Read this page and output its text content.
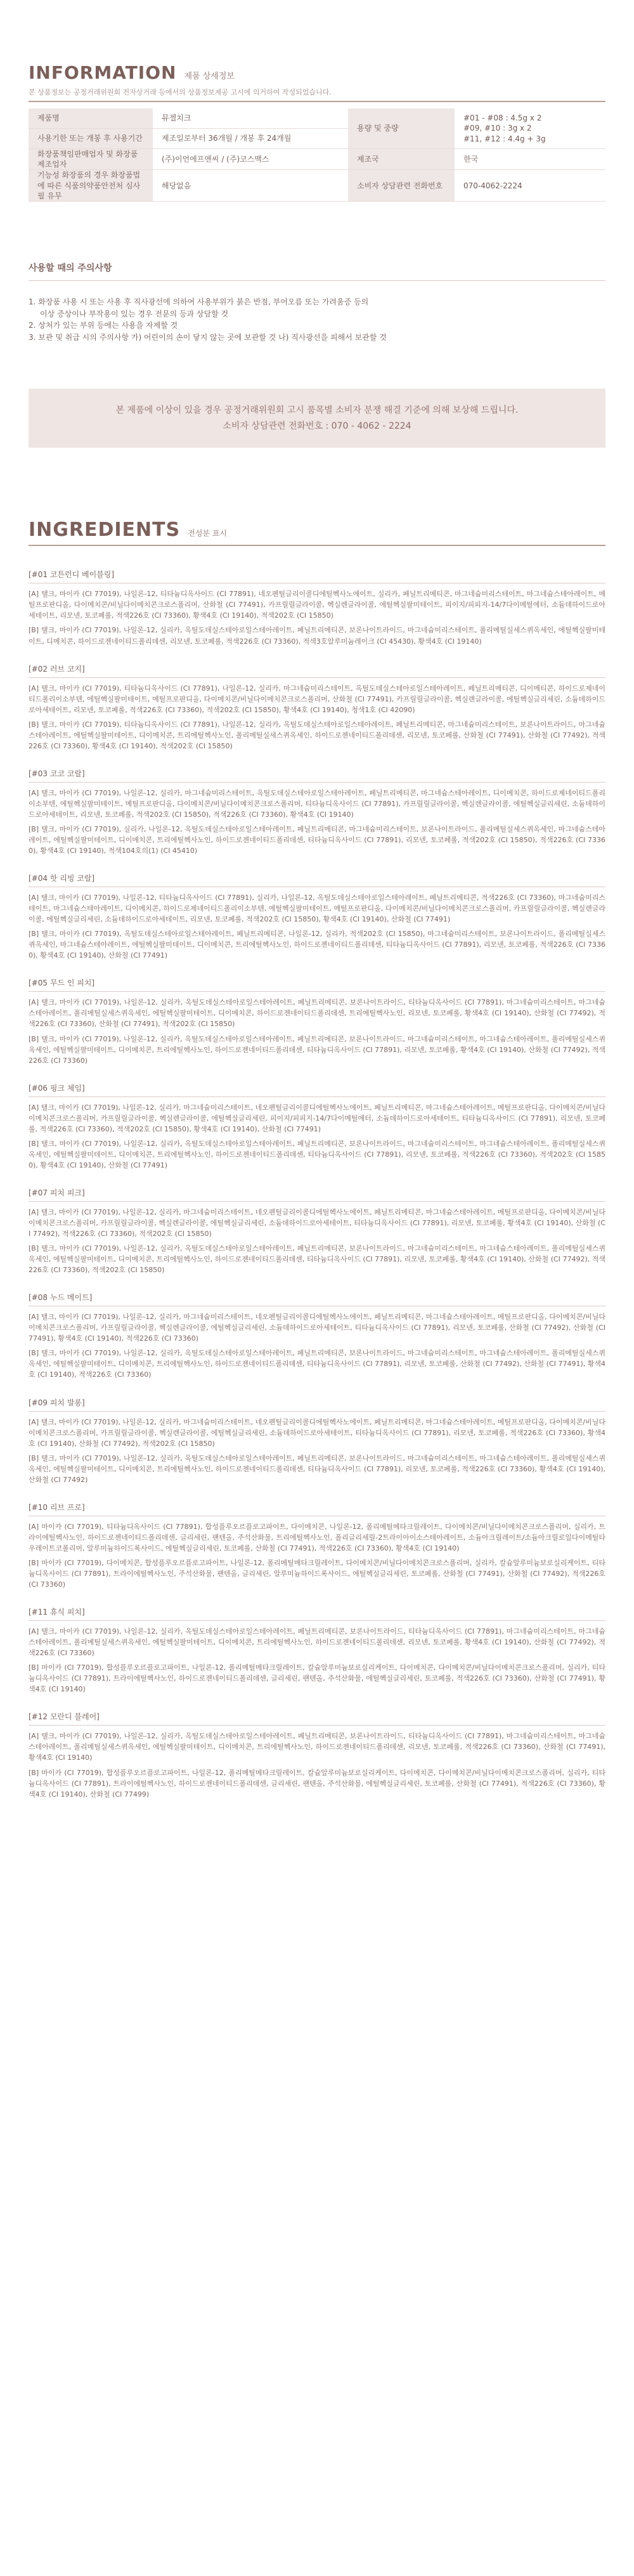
INFORMATION 제품 상세정보
본 상품정보는 공정거래위원회 전자상거래 등에서의 상품정보제공 고시에 의거하여 작성되었습니다.
제품명	뮤젤치크	용량 및 중량	#01 - #08 : 4.5g x 2
#09, #10 : 3g x 2
#11, #12 : 4.4g + 3g
사용기한 또는 개봉 후 사용기간	제조일로부터 36개월 / 개봉 후 24개월		
화장품책임판매업자 및 화장품제조업자	(주)이언에프앤씨 / (주)코스맥스	제조국	한국
기능성 화장품의 경우 화장품법에 따른 식품의약품안전처 심사 필 유무	해당없음	소비자 상담관련 전화번호	070-4062-2224
사용할 때의 주의사항
1. 화장품 사용 시 또는 사용 후 직사광선에 의하여 사용부위가 붉은 반점, 부어오름 또는 가려움증 등의
이상 증상이나 부작용이 있는 경우 전문의 등과 상담할 것
2. 상처가 있는 부위 등에는 사용을 자제할 것
3. 보관 및 취급 시의 주의사항 가) 어린이의 손이 닿지 않는 곳에 보관할 것 나) 직사광선을 피해서 보관할 것
본 제품에 이상이 있을 경우 공정거래위원회 고시 품목별 소비자 분쟁 해결 기준에 의해 보상해 드립니다.
소비자 상담관련 전화번호 : 070 - 4062 - 2224
INGREDIENTS 전성분 표시
[#01 코튼런디 베이블링]

[A] 탤크, 마이카 (CI 77019), 나일론-12, 티타늄디옥사이드 (CI 77891), 네오펜틸글리이콜디에틸헥사노에이트, 실리카, 페닐트리메티콘, 마그네슘미리스테이트, 마그네슘스테아레이트, 메틸프로판디올, 다이메치콘/비닐다이메치콘크로스폴리머, 산화철 (CI 77491), 카프릴릴글라이콜, 헥실렌글라이콜, 에틸헥실팔미테이트, 피이지/피피지-14/7다이메틸에터, 소듐데하이드로아세테이트, 리모넨, 토코페롤, 적색226호 (CI 73360), 황색4호 (CI 19140), 적색202호 (CI 15850)

[B] 탤크, 마이카 (CI 77019), 나일론-12, 실리카, 옥틸도데실스테아로일스테아레이트, 페닐트리메티콘, 보론나이트라이드, 마그네슘미리스테이트, 폴리메틸실세스퀴옥세인, 에틸헥실팔미테이트, 디메치콘, 하이드로젠네이티드폴리데센, 리모넨, 토코페롤, 적색226호 (CI 73360), 적색3호알루미늄레이크 (CI 45430), 황색4호 (CI 19140)

[#02 러브 코지]

[A] 탤크, 마이카 (CI 77019), 티타늄디옥사이드 (CI 77891), 나일론-12, 실리카, 마그네슘미리스테이트, 옥틸도데실스테아로일스테아레이트, 페닐트리메티콘, 디이메티콘, 하이드로제네이티드폴리이소부텐, 에틸헥실팔미테이트, 메틸프로판디올, 다이메치콘/비닐다이메치콘크로스폴리머, 산화철 (CI 77491), 카프릴릴글라이콜, 헥실렌글라이콜, 에틸헥실글리세린, 소듐데하이드로아세테이트, 리모넨, 토코페롤, 적색226호 (CI 73360), 적색202호 (CI 15850), 황색4호 (CI 19140), 청색1호 (CI 42090)

[B] 탤크, 마이카 (CI 77019), 티타늄디옥사이드 (CI 77891), 나일론-12, 실리카, 옥틸도데실스테아로일스테아레이트, 페닐트리메티콘, 마그네슘미리스테이트, 보론나이트라이드, 마그네슘스테아레이트, 에틸헥실팔미테이트, 디이메치콘, 트리에틸헥사노인, 폴리메틸실세스퀴옥세인, 하이드로젠네이티드폴리데센, 리모넨, 토코페롤, 산화철 (CI 77491), 산화철 (CI 77492), 적색226호 (CI 73360), 황색4호 (CI 19140), 적색202호 (CI 15850)

[#03 코코 코랄]

[A] 탤크, 마이카 (CI 77019), 나일론-12, 실리카, 마그네슘미리스테이트, 옥틸도데실스테아로일스테아레이트, 페닐트리메티콘, 마그네슘스테아레이트, 디이메치콘, 하이드로제네이티드폴리이소부텐, 에틸헥실팔미테이트, 메틸프로판디올, 다이메치콘/비닐다이메치콘크로스폴리머, 티타늄디옥사이드 (CI 77891), 카프릴릴글라이콜, 헥실렌글라이콜, 에틸헥실글리세린, 소듐데하이드로아세테이트, 리모넨, 토코페롤, 적색202호 (CI 15850), 적색226호 (CI 73360), 황색4호 (CI 19140)

[B] 탤크, 마이카 (CI 77019), 실리카, 나일론-12, 옥틸도데실스테아로일스테아레이트, 페닐트리메티콘, 마그네슘미리스테이트, 보론나이트라이드, 폴리메틸실세스퀴옥세인, 마그네슘스테아레이트, 에틸헥실팔미테이트, 디이메치콘, 트리에틸헥사노인, 하이드로젠네이티드폴리데센, 티타늄디옥사이드 (CI 77891), 리모넨, 토코페롤, 적색202호 (CI 15850), 적색226호 (CI 73360), 황색4호 (CI 19140), 적색104호의(1) (CI 45410)

[#04 핫 리빙 코랄]

[A] 탤크, 마이카 (CI 77019), 나일론-12, 티타늄디옥사이드 (CI 77891), 실리카, 나일론-12, 옥틸도데실스테아로일스테아레이트, 페닐트리메티콘, 적색226호 (CI 73360), 마그네슘미리스테이트, 마그네슘스테아레이트, 디이메치콘, 하이드로제네이티드폴리이소부텐, 에틸헥실팔미테이트, 메틸프로판디올, 다이메치콘/비닐다이메치콘크로스폴리머, 카프릴릴글라이콜, 헥실렌글라이콜, 에틸헥실글리세린, 소듐데하이드로아세테이트, 리모넨, 토코페롤, 적색202호 (CI 15850), 황색4호 (CI 19140), 산화철 (CI 77491)

[B] 탤크, 마이카 (CI 77019), 옥틸도데실스테아로일스테아레이트, 페닐트리메티콘, 나일론-12, 실리카, 적색202호 (CI 15850), 마그네슘미리스테이트, 보론나이트라이드, 폴리메틸실세스퀴옥세인, 마그네슘스테아레이트, 에틸헥실팔미테이트, 디이메치콘, 트리에틸헥사노인, 하이드로젠네이티드폴리데센, 티타늄디옥사이드 (CI 77891), 리모넨, 토코페롤, 적색226호 (CI 73360), 황색4호 (CI 19140), 산화철 (CI 77491)

[#05 무드 인 피치]

[A] 탤크, 마이카 (CI 77019), 나일론-12, 실리카, 옥틸도데실스테아로일스테아레이트, 페닐트리메티콘, 보론나이트라이드, 티타늄디옥사이드 (CI 77891), 마그네슘미리스테이트, 마그네슘스테아레이트, 폴리메틸실세스퀴옥세인, 에틸헥실팔미테이트, 디이메치콘, 하이드로젠네이티드폴리데센, 트리에틸헥사노인, 리모넨, 토코페롤, 황색4호 (CI 19140), 산화철 (CI 77492), 적색226호 (CI 73360), 산화철 (CI 77491), 적색202호 (CI 15850)

[B] 탤크, 마이카 (CI 77019), 나일론-12, 실리카, 옥틸도데실스테아로일스테아레이트, 페닐트리메티콘, 보론나이트라이드, 마그네슘미리스테이트, 마그네슘스테아레이트, 폴리메틸실세스퀴옥세인, 에틸헥실팔미테이트, 디이메치콘, 트리에틸헥사노인, 하이드로젠네이티드폴리데센, 티타늄디옥사이드 (CI 77891), 리모넨, 토코페롤, 황색4호 (CI 19140), 산화철 (CI 77492), 적색226호 (CI 73360)

[#06 핑크 체임]

[A] 탤크, 마이카 (CI 77019), 나일론-12, 실리카, 마그네슘미리스테이트, 네오펜틸글리이콜디에틸헥사노에이트, 페닐트리메티콘, 마그네슘스테아레이트, 메틸프로판디올, 다이메치콘/비닐다이메치콘크로스폴리머, 카프릴릴글라이콜, 헥실렌글라이콜, 에틸헥실글리세린, 피이지/피피지-14/7다이메틸에터, 소듐데하이드로아세테이트, 티타늄디옥사이드 (CI 77891), 리모넨, 토코페롤, 적색226호 (CI 73360), 적색202호 (CI 15850), 황색4호 (CI 19140), 산화철 (CI 77491)

[B] 탤크, 마이카 (CI 77019), 나일론-12, 실리카, 옥틸도데실스테아로일스테아레이트, 페닐트리메티콘, 보론나이트라이드, 마그네슘미리스테이트, 마그네슘스테아레이트, 폴리메틸실세스퀴옥세인, 에틸헥실팔미테이트, 디이메치콘, 트리에틸헥사노인, 하이드로젠네이티드폴리데센, 티타늄디옥사이드 (CI 77891), 리모넨, 토코페롤, 적색226호 (CI 73360), 적색202호 (CI 15850), 황색4호 (CI 19140), 산화철 (CI 77491)

[#07 피치 피크]

[A] 탤크, 마이카 (CI 77019), 나일론-12, 실리카, 마그네슘미리스테이트, 네오펜틸글리이콜디에틸헥사노에이트, 페닐트리메티콘, 마그네슘스테아레이트, 메틸프로판디올, 다이메치콘/비닐다이메치콘크로스폴리머, 카프릴릴글라이콜, 헥실렌글라이콜, 에틸헥실글리세린, 소듐데하이드로아세테이트, 티타늄디옥사이드 (CI 77891), 리모넨, 토코페롤, 황색4호 (CI 19140), 산화철 (CI 77492), 적색226호 (CI 73360), 적색202호 (CI 15850)

[B] 탤크, 마이카 (CI 77019), 나일론-12, 실리카, 옥틸도데실스테아로일스테아레이트, 페닐트리메티콘, 보론나이트라이드, 마그네슘미리스테이트, 마그네슘스테아레이트, 폴리메틸실세스퀴옥세인, 에틸헥실팔미테이트, 디이메치콘, 트리에틸헥사노인, 하이드로젠네이티드폴리데센, 티타늄디옥사이드 (CI 77891), 리모넨, 토코페롤, 황색4호 (CI 19140), 산화철 (CI 77492), 적색226호 (CI 73360), 적색202호 (CI 15850)

[#08 누드 메이트]

[A] 탤크, 마이카 (CI 77019), 나일론-12, 실리카, 마그네슘미리스테이트, 네오펜틸글리이콜디에틸헥사노에이트, 페닐트리메티콘, 마그네슘스테아레이트, 메틸프로판디올, 다이메치콘/비닐다이메치콘크로스폴리머, 카프릴릴글라이콜, 헥실렌글라이콜, 에틸헥실글리세린, 소듐데하이드로아세테이트, 티타늄디옥사이드 (CI 77891), 리모넨, 토코페롤, 산화철 (CI 77492), 산화철 (CI 77491), 황색4호 (CI 19140), 적색226호 (CI 73360)

[B] 탤크, 마이카 (CI 77019), 나일론-12, 실리카, 옥틸도데실스테아로일스테아레이트, 페닐트리메티콘, 보론나이트라이드, 마그네슘미리스테이트, 마그네슘스테아레이트, 폴리메틸실세스퀴옥세인, 에틸헥실팔미테이트, 디이메치콘, 트리에틸헥사노인, 하이드로젠네이티드폴리데센, 티타늄디옥사이드 (CI 77891), 리모넨, 토코페롤, 산화철 (CI 77492), 산화철 (CI 77491), 황색4호 (CI 19140), 적색226호 (CI 73360)

[#09 피치 발롱]

[A] 탤크, 마이카 (CI 77019), 나일론-12, 실리카, 마그네슘미리스테이트, 네오펜틸글리이콜디에틸헥사노에이트, 페닐트리메티콘, 마그네슘스테아레이트, 메틸프로판디올, 다이메치콘/비닐다이메치콘크로스폴리머, 카프릴릴글라이콜, 헥실렌글라이콜, 에틸헥실글리세린, 소듐데하이드로아세테이트, 티타늄디옥사이드 (CI 77891), 리모넨, 토코페롤, 적색226호 (CI 73360), 황색4호 (CI 19140), 산화철 (CI 77492), 적색202호 (CI 15850)

[B] 탤크, 마이카 (CI 77019), 나일론-12, 실리카, 옥틸도데실스테아로일스테아레이트, 페닐트리메티콘, 보론나이트라이드, 마그네슘미리스테이트, 마그네슘스테아레이트, 폴리메틸실세스퀴옥세인, 에틸헥실팔미테이트, 디이메치콘, 트리에틸헥사노인, 하이드로젠네이티드폴리데센, 티타늄디옥사이드 (CI 77891), 리모넨, 토코페롤, 적색226호 (CI 73360), 황색4호 (CI 19140), 산화철 (CI 77492)

[#10 리브 프로]

[A] 마이카 (CI 77019), 티타늄디옥사이드 (CI 77891), 합성플루오르플로고파이트, 다이메치콘, 나일론-12, 폴리메틸메타크릴레이트, 다이메치콘/비닐다이메치콘크로스폴리머, 실리카, 트라이에틸헥사노인, 하이드로젠네이티드폴리데센, 글리세린, 팬텐올, 주석산화물, 트리에틸헥사노인, 폴리글리세릴-2트라이아이소스테아레이트, 소듐아크릴레이트/소듐아크릴로일다이메틸타우레이트코폴리머, 알루미늄하이드록사이드, 에틸헥실글리세린, 토코페롤, 산화철 (CI 77491), 적색226호 (CI 73360), 황색4호 (CI 19140)

[B] 마이카 (CI 77019), 다이메치콘, 합성플루오르플로고파이트, 나일론-12, 폴리메틸메타크릴레이트, 다이메치콘/비닐다이메치콘크로스폴리머, 실리카, 칼슘알루미늄보로실리케이트, 티타늄디옥사이드 (CI 77891), 트라이에틸헥사노인, 주석산화물, 팬텐올, 글리세린, 알루미늄하이드록사이드, 에틸헥실글리세린, 토코페롤, 산화철 (CI 77491), 산화철 (CI 77492), 적색226호 (CI 73360)

[#11 휴식 피치]

[A] 탤크, 마이카 (CI 77019), 나일론-12, 실리카, 옥틸도데실스테아로일스테아레이트, 페닐트리메티콘, 보론나이트라이드, 티타늄디옥사이드 (CI 77891), 마그네슘미리스테이트, 마그네슘스테아레이트, 폴리메틸실세스퀴옥세인, 에틸헥실팔미테이트, 디이메치콘, 트리에틸헥사노인, 하이드로젠네이티드폴리데센, 리모넨, 토코페롤, 황색4호 (CI 19140), 산화철 (CI 77492), 적색226호 (CI 73360)

[B] 마이카 (CI 77019), 합성플루오르플로고파이트, 나일론-12, 폴리메틸메타크릴레이트, 칼슘알루미늄보로실리케이트, 다이메치콘, 다이메치콘/비닐다이메치콘크로스폴리머, 실리카, 티타늄디옥사이드 (CI 77891), 트라이에틸헥사노인, 하이드로젠네이티드폴리데센, 글리세린, 팬텐올, 주석산화물, 에틸헥실글리세린, 토코페롤, 적색226호 (CI 73360), 산화철 (CI 77491), 황색4호 (CI 19140)

[#12 모란디 블레어]

[A] 탤크, 마이카 (CI 77019), 나일론-12, 실리카, 옥틸도데실스테아로일스테아레이트, 페닐트리메티콘, 보론나이트라이드, 티타늄디옥사이드 (CI 77891), 마그네슘미리스테이트, 마그네슘스테아레이트, 폴리메틸실세스퀴옥세인, 에틸헥실팔미테이트, 디이메치콘, 트리에틸헥사노인, 하이드로젠네이티드폴리데센, 리모넨, 토코페롤, 적색226호 (CI 73360), 산화철 (CI 77491), 황색4호 (CI 19140)

[B] 마이카 (CI 77019), 합성플루오르플로고파이트, 나일론-12, 폴리메틸메타크릴레이트, 칼슘알루미늄보로실리케이트, 다이메치콘, 다이메치콘/비닐다이메치콘크로스폴리머, 실리카, 티타늄디옥사이드 (CI 77891), 트라이에틸헥사노인, 하이드로젠네이티드폴리데센, 글리세린, 팬텐올, 주석산화물, 에틸헥실글리세린, 토코페롤, 산화철 (CI 77491), 적색226호 (CI 73360), 황색4호 (CI 19140), 산화철 (CI 77499)
